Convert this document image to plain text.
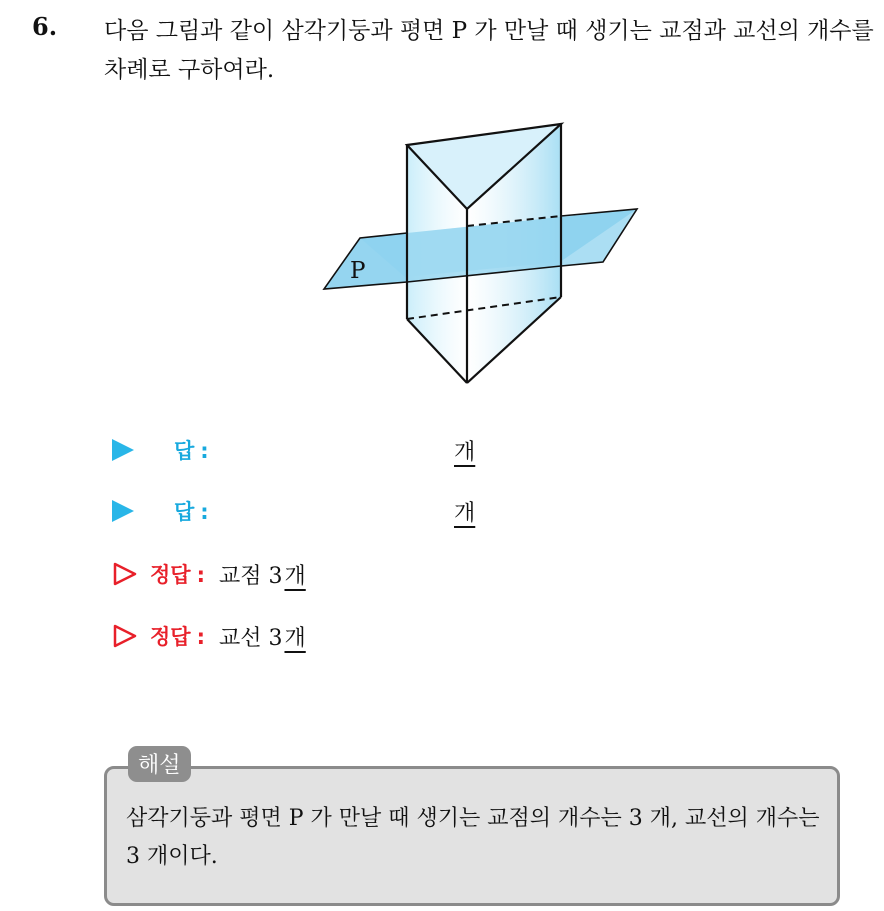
6. 다음 그림과 같이 삼각기둥과 평면 P 가 만날 때 생기는 교점과 교선의 개수를 차례로 구하여라.
P
답 :	개
답 :	개
정답 : 교점 3 개
정답 : 교선 3 개
해설
삼각기둥과 평면 P 가 만날 때 생기는 교점의 개수는 3 개, 교선의 개수는 3 개이다.
